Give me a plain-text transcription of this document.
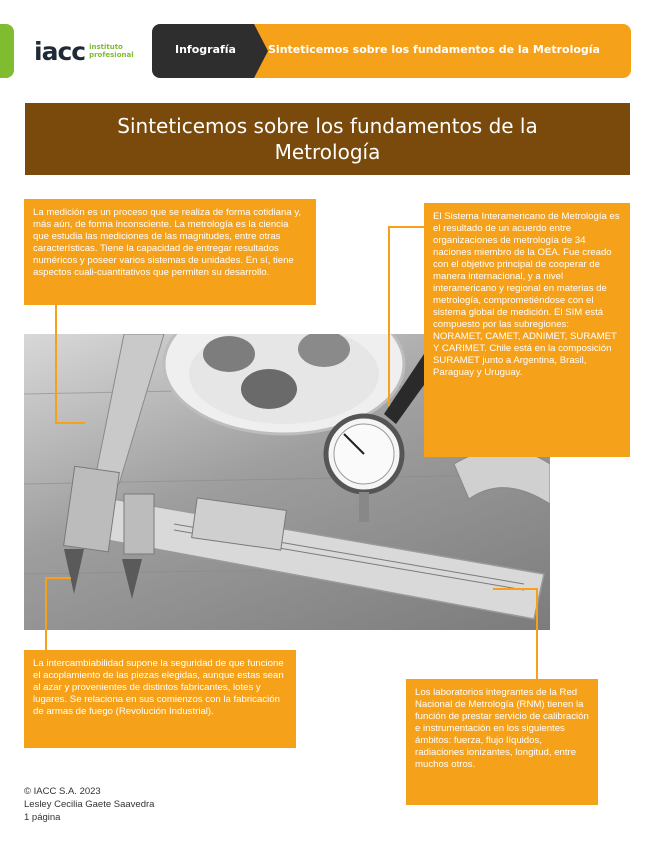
iacc instituto
profesional	Infografía	Sinteticemos sobre los fundamentos de la Metrología
Sinteticemos sobre los fundamentos de la Metrología
La medición es un proceso que se realiza de forma cotidiana y, más aún, de forma inconsciente. La metrología es la ciencia que estudia las mediciones de las magnitudes, entre otras características. Tiene la capacidad de entregar resultados numéricos y poseer varios sistemas de unidades. En sí, tiene aspectos cuali-cuantitativos que permiten su desarrollo.
El Sistema Interamericano de Metrología es el resultado de un acuerdo entre organizaciones de metrología de 34 naciones miembro de la OEA. Fue creado con el objetivo principal de cooperar de manera internacional, y a nivel interamericano y regional en materias de metrología, comprometiéndose con el sistema global de medición. El SIM está compuesto por las subregiones: NORAMET, CAMET, ADNIMET, SURAMET Y CARIMET. Chile está en la composición SURAMET junto a Argentina, Brasil, Paraguay y Uruguay.
La intercambiabilidad supone la seguridad de que funcione el acoplamiento de las piezas elegidas, aunque estas sean al azar y provenientes de distintos fabricantes, lotes y lugares. Se relaciona en sus comienzos con la fabricación de armas de fuego (Revolución Industrial).
Los laboratorios integrantes de la Red Nacional de Metrología (RNM) tienen la función de prestar servicio de calibración e instrumentación en los siguientes ámbitos: fuerza, flujo líquidos, radiaciones ionizantes, longitud, entre muchos otros.
© IACC S.A. 2023
Lesley Cecilia Gaete Saavedra
1 página
